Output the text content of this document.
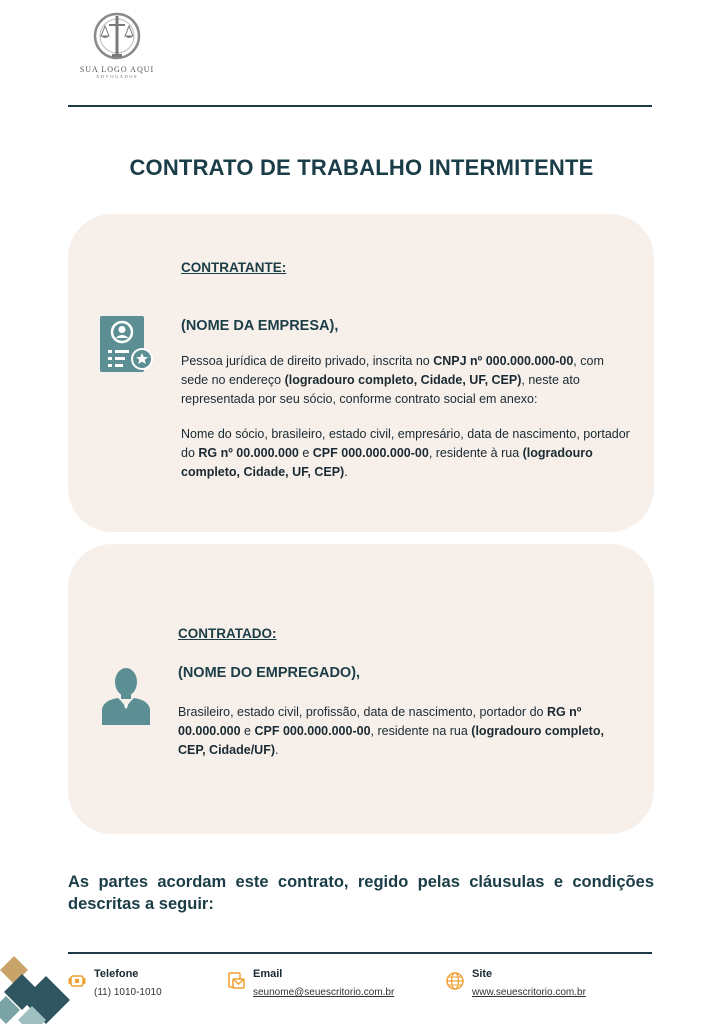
SUA LOGO AQUI
ADVOGADOS
CONTRATO DE TRABALHO INTERMITENTE
CONTRATANTE:
(NOME DA EMPRESA),
Pessoa jurídica de direito privado, inscrita no CNPJ nº 000.000.000-00, com sede no endereço (logradouro completo, Cidade, UF, CEP), neste ato representada por seu sócio, conforme contrato social em anexo:
Nome do sócio, brasileiro, estado civil, empresário, data de nascimento, portador do RG nº 00.000.000 e CPF 000.000.000-00, residente à rua (logradouro completo, Cidade, UF, CEP).
CONTRATADO:
(NOME DO EMPREGADO),
Brasileiro, estado civil, profissão, data de nascimento, portador do RG nº 00.000.000 e CPF 000.000.000-00, residente na rua (logradouro completo, CEP, Cidade/UF).
As partes acordam este contrato, regido pelas cláusulas e condições descritas a seguir:
Telefone
(11) 1010-1010
Email
seunome@seuescritorio.com.br
Site
www.seuescritorio.com.br
